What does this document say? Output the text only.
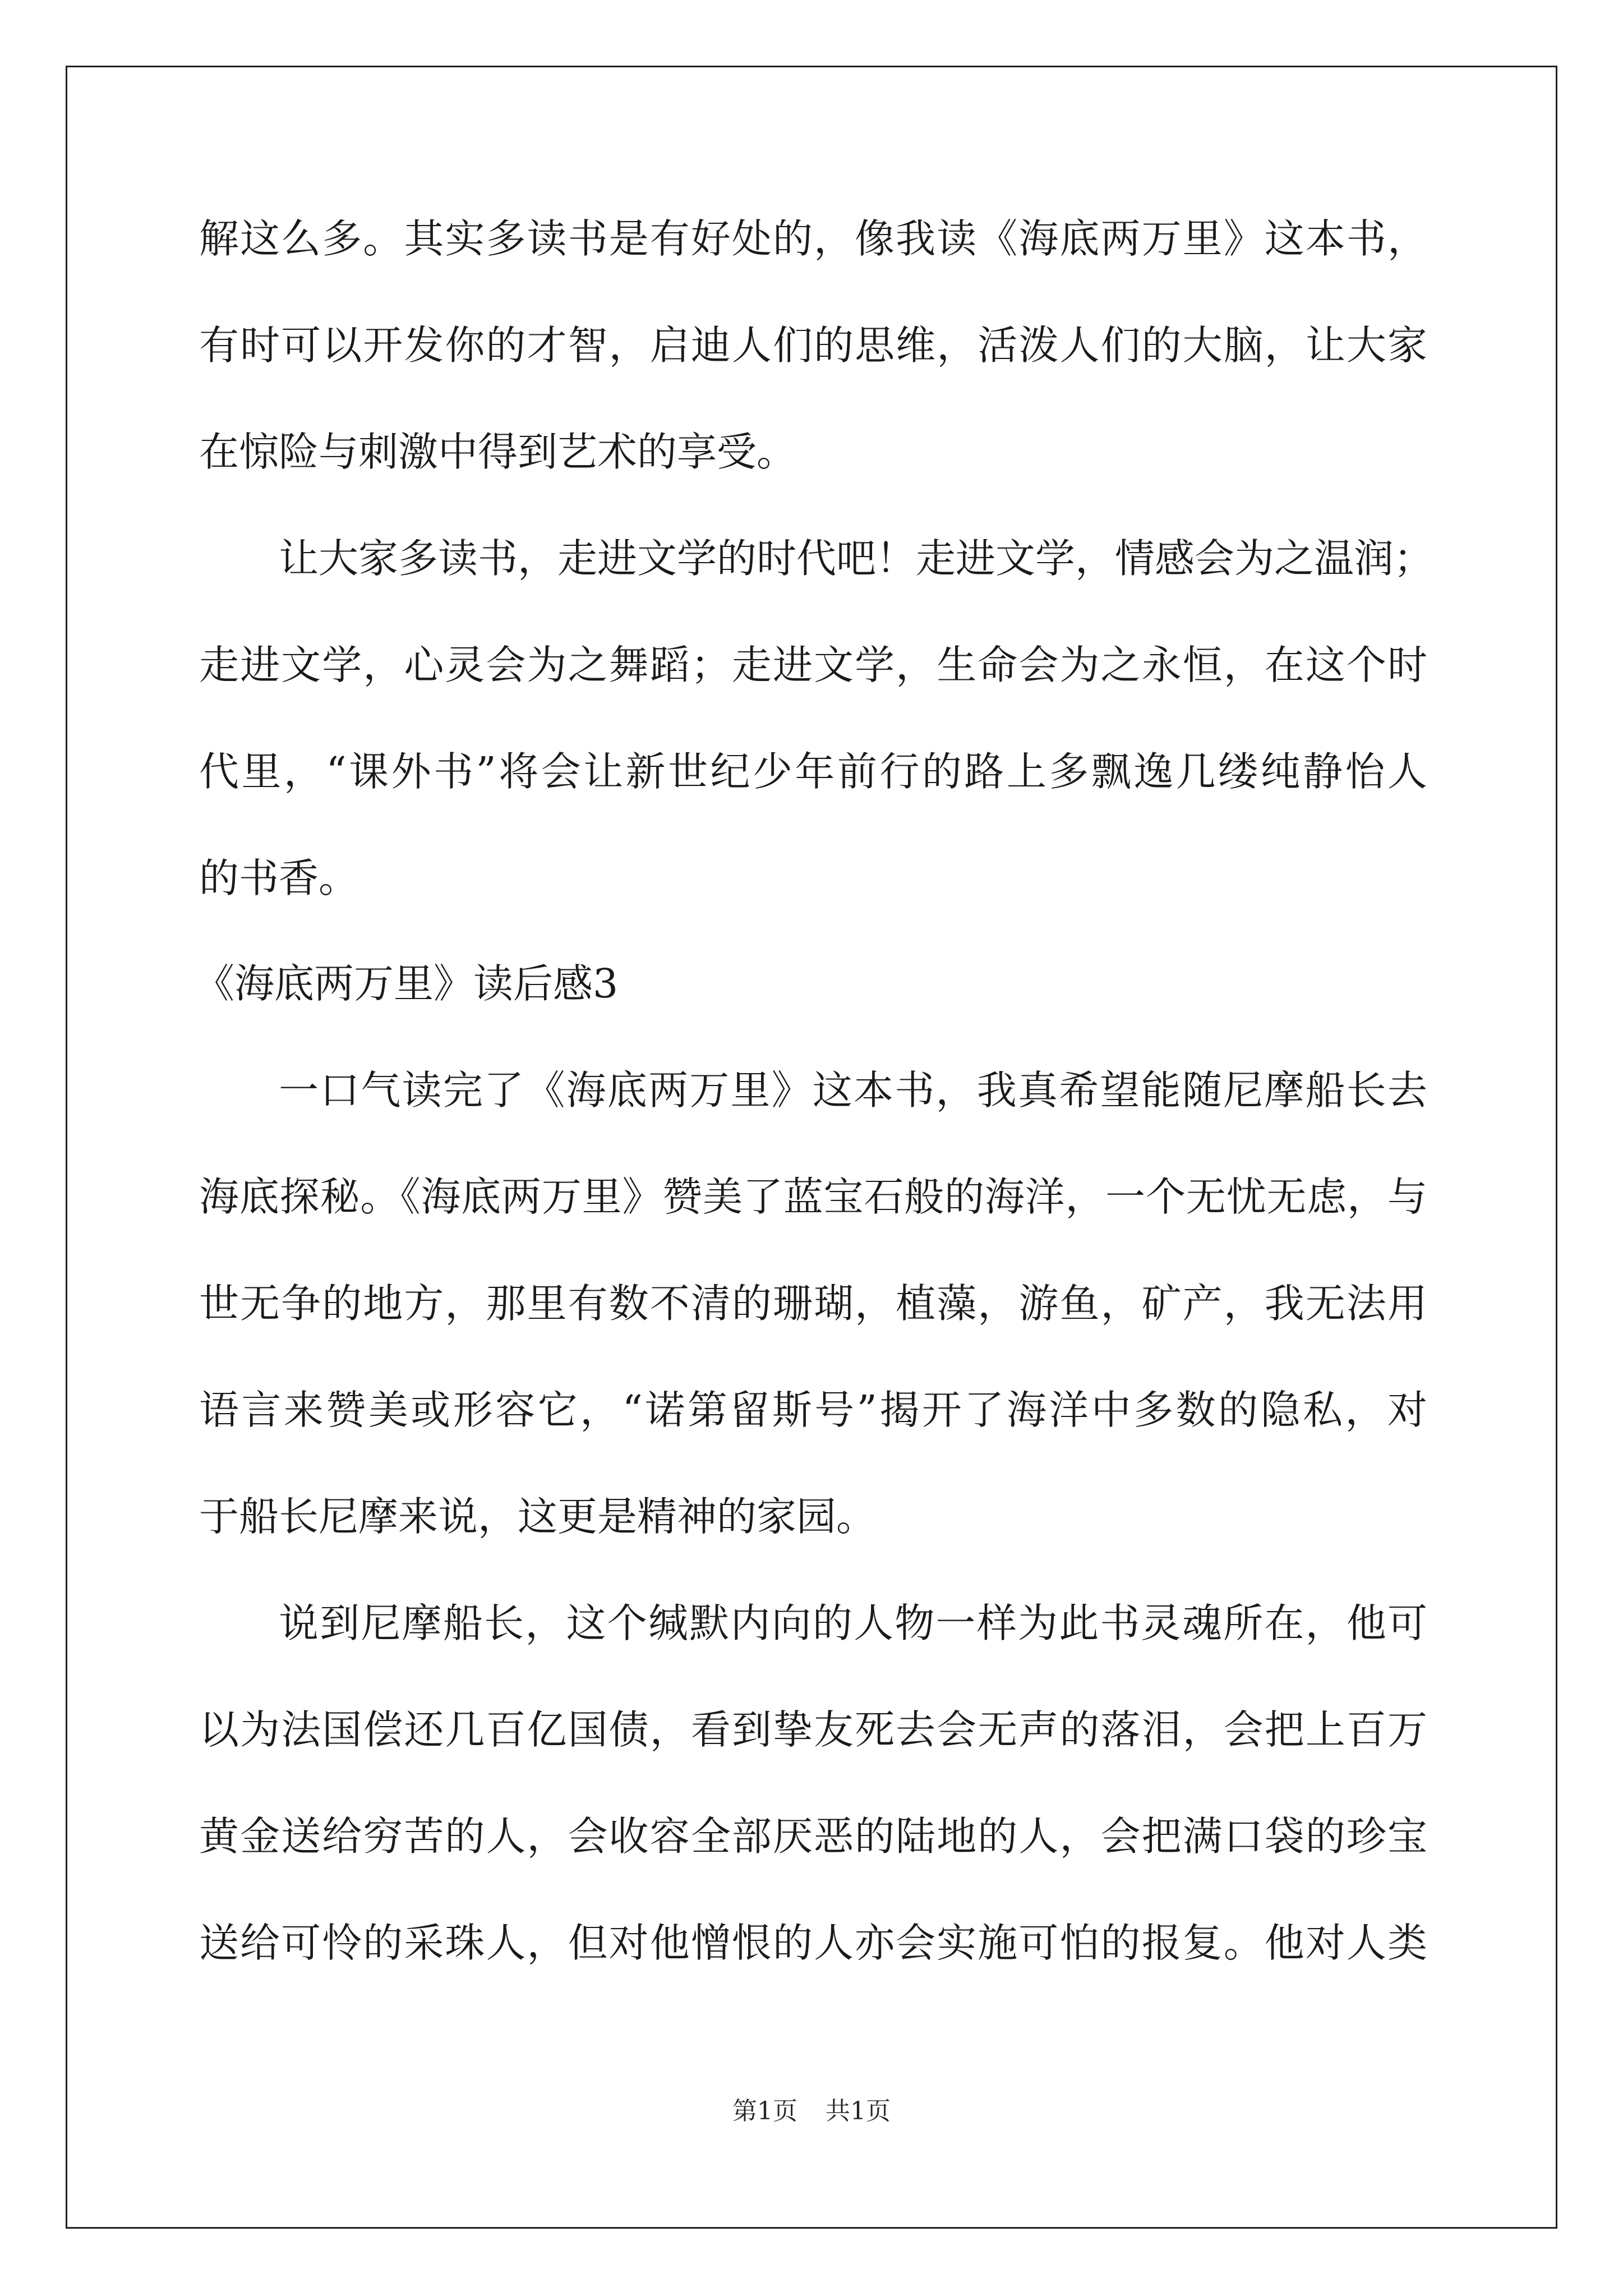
解这么多。其实多读书是有好处的，像我读《海底两万里》这本书，
有时可以开发你的才智，启迪人们的思维，活泼人们的大脑，让大家
在惊险与刺激中得到艺术的享受。
让大家多读书，走进文学的时代吧！走进文学，情感会为之温润；
走进文学，心灵会为之舞蹈；走进文学，生命会为之永恒，在这个时
代里，“课外书”将会让新世纪少年前行的路上多飘逸几缕纯静怡人
的书香。
《海底两万里》读后感3
一口气读完了《海底两万里》这本书，我真希望能随尼摩船长去
海底探秘。《海底两万里》赞美了蓝宝石般的海洋，一个无忧无虑，与
世无争的地方，那里有数不清的珊瑚，植藻，游鱼，矿产，我无法用
语言来赞美或形容它，“诺第留斯号”揭开了海洋中多数的隐私，对
于船长尼摩来说，这更是精神的家园。
说到尼摩船长，这个缄默内向的人物一样为此书灵魂所在，他可
以为法国偿还几百亿国债，看到挚友死去会无声的落泪，会把上百万
黄金送给穷苦的人，会收容全部厌恶的陆地的人，会把满口袋的珍宝
送给可怜的采珠人，但对他憎恨的人亦会实施可怕的报复。他对人类
第1页 共1页
